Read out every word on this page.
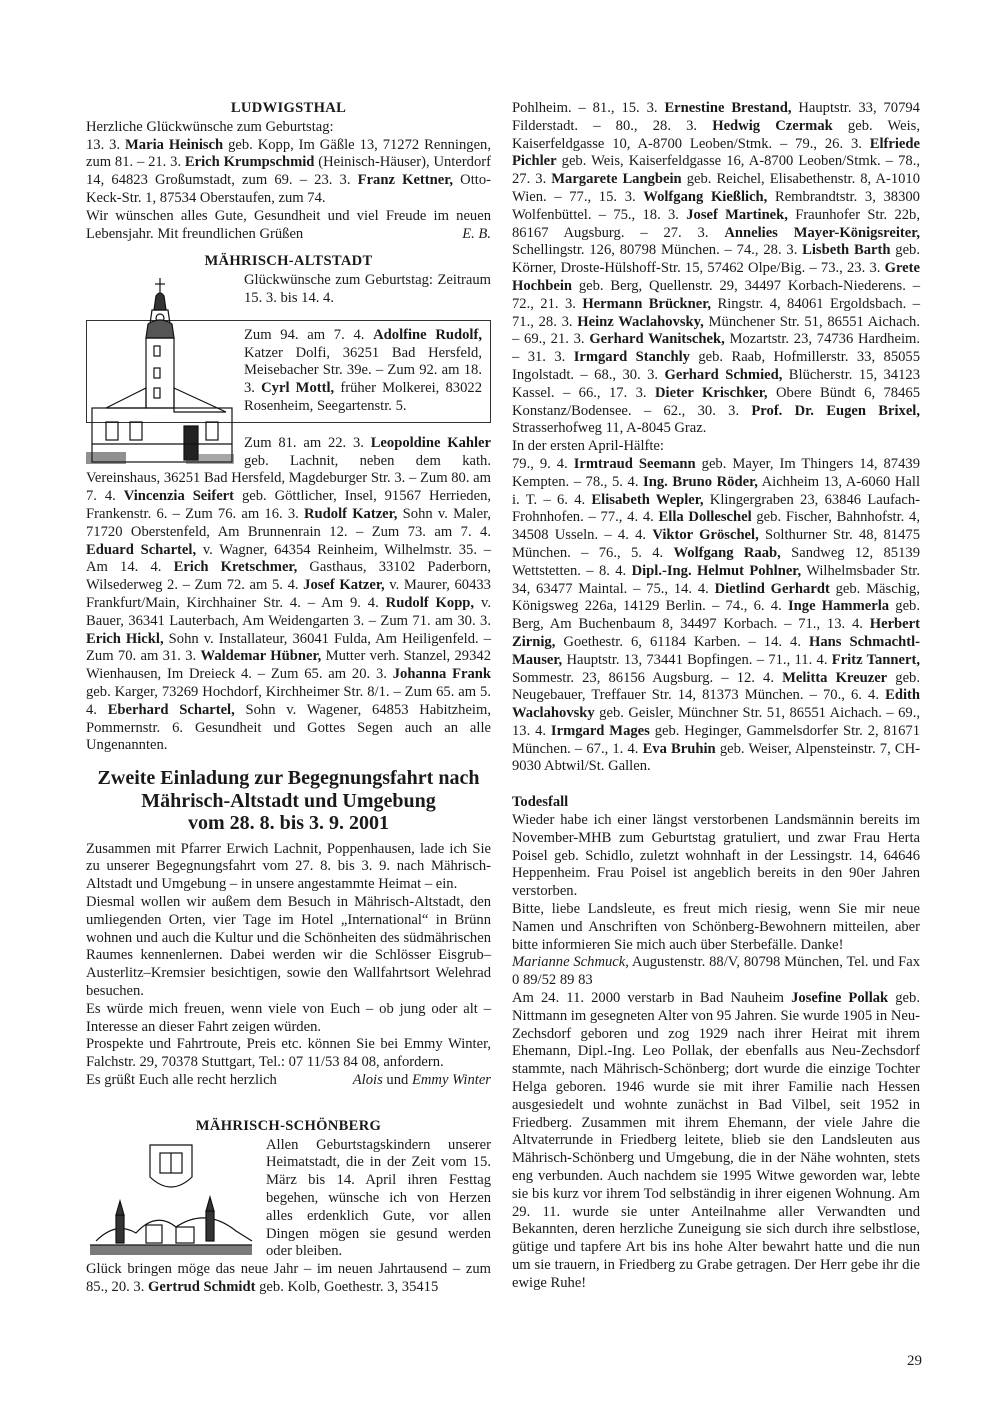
LUDWIGSTHAL

Herzliche Glückwünsche zum Geburtstag:

13. 3. Maria Heinisch geb. Kopp, Im Gäßle 13, 71272 Renningen, zum 81. – 21. 3. Erich Krumpschmid (Heinisch-Häuser), Unterdorf 14, 64823 Großumstadt, zum 69. – 23. 3. Franz Kettner, Otto-Keck-Str. 1, 87534 Oberstaufen, zum 74.

Wir wünschen alles Gute, Gesundheit und viel Freude im neuen Lebensjahr. Mit freundlichen Grüßen	E. B.

MÄHRISCH-ALTSTADT

Glückwünsche zum Geburtstag: Zeitraum 15. 3. bis 14. 4.

Zum 94. am 7. 4. Adolfine Rudolf, Katzer Dolfi, 36251 Bad Hersfeld, Meisebacher Str. 39e. – Zum 92. am 18. 3. Cyrl Mottl, früher Molkerei, 83022 Rosenheim, Seegartenstr. 5.

Zum 81. am 22. 3. Leopoldine Kahler geb. Lachnit, neben dem kath. Vereinshaus, 36251 Bad Hersfeld, Magdeburger Str. 3. – Zum 80. am 7. 4. Vincenzia Seifert geb. Göttlicher, Insel, 91567 Herrieden, Frankenstr. 6. – Zum 76. am 16. 3. Rudolf Katzer, Sohn v. Maler, 71720 Oberstenfeld, Am Brunnenrain 12. – Zum 73. am 7. 4. Eduard Schartel, v. Wagner, 64354 Reinheim, Wilhelmstr. 35. – Am 14. 4. Erich Kretschmer, Gasthaus, 33102 Paderborn, Wilsederweg 2. – Zum 72. am 5. 4. Josef Katzer, v. Maurer, 60433 Frankfurt/Main, Kirchhainer Str. 4. – Am 9. 4. Rudolf Kopp, v. Bauer, 36341 Lauterbach, Am Weidengarten 3. – Zum 71. am 30. 3. Erich Hickl, Sohn v. Installateur, 36041 Fulda, Am Heiligenfeld. – Zum 70. am 31. 3. Waldemar Hübner, Mutter verh. Stanzel, 29342 Wienhausen, Im Dreieck 4. – Zum 65. am 20. 3. Johanna Frank geb. Karger, 73269 Hochdorf, Kirchheimer Str. 8/1. – Zum 65. am 5. 4. Eberhard Schartel, Sohn v. Wagener, 64853 Habitzheim, Pommernstr. 6. Gesundheit und Gottes Segen auch an alle Ungenannten.

Zweite Einladung zur Begegnungsfahrt nach
Mährisch-Altstadt und Umgebung
vom 28. 8. bis 3. 9. 2001

Zusammen mit Pfarrer Erwich Lachnit, Poppenhausen, lade ich Sie zu unserer Begegnungsfahrt vom 27. 8. bis 3. 9. nach Mährisch-Altstadt und Umgebung – in unsere angestammte Heimat – ein.

Diesmal wollen wir außem dem Besuch in Mährisch-Altstadt, den umliegenden Orten, vier Tage im Hotel „International“ in Brünn wohnen und auch die Kultur und die Schönheiten des südmährischen Raumes kennenlernen. Dabei werden wir die Schlösser Eisgrub–Austerlitz–Kremsier besichtigen, sowie den Wallfahrtsort Welehrad besuchen.

Es würde mich freuen, wenn viele von Euch – ob jung oder alt – Interesse an dieser Fahrt zeigen würden.

Prospekte und Fahrtroute, Preis etc. können Sie bei Emmy Winter, Falchstr. 29, 70378 Stuttgart, Tel.: 07 11/53 84 08, anfordern.

Es grüßt Euch alle recht herzlich	Alois und Emmy Winter

MÄHRISCH-SCHÖNBERG

Allen Geburtstagskindern unserer Heimatstadt, die in der Zeit vom 15. März bis 14. April ihren Festtag begehen, wünsche ich von Herzen alles erdenklich Gute, vor allen Dingen mögen sie gesund werden oder bleiben.

Glück bringen möge das neue Jahr – im neuen Jahrtausend – zum 85., 20. 3. Gertrud Schmidt geb. Kolb, Goethestr. 3, 35415

Pohlheim. – 81., 15. 3. Ernestine Brestand, Hauptstr. 33, 70794 Filderstadt. – 80., 28. 3. Hedwig Czermak geb. Weis, Kaiserfeldgasse 10, A-8700 Leoben/Stmk. – 79., 26. 3. Elfriede Pichler geb. Weis, Kaiserfeldgasse 16, A-8700 Leoben/Stmk. – 78., 27. 3. Margarete Langbein geb. Reichel, Elisabethenstr. 8, A-1010 Wien. – 77., 15. 3. Wolfgang Kießlich, Rembrandtstr. 3, 38300 Wolfenbüttel. – 75., 18. 3. Josef Martinek, Fraunhofer Str. 22b, 86167 Augsburg. – 27. 3. Annelies Mayer-Königsreiter, Schellingstr. 126, 80798 München. – 74., 28. 3. Lisbeth Barth geb. Körner, Droste-Hülshoff-Str. 15, 57462 Olpe/Big. – 73., 23. 3. Grete Hochbein geb. Berg, Quellenstr. 29, 34497 Korbach-Niederens. – 72., 21. 3. Hermann Brückner, Ringstr. 4, 84061 Ergoldsbach. – 71., 28. 3. Heinz Waclahovsky, Münchener Str. 51, 86551 Aichach. – 69., 21. 3. Gerhard Wanitschek, Mozartstr. 23, 74736 Hardheim. – 31. 3. Irmgard Stanchly geb. Raab, Hofmillerstr. 33, 85055 Ingolstadt. – 68., 30. 3. Gerhard Schmied, Blücherstr. 15, 34123 Kassel. – 66., 17. 3. Dieter Krischker, Obere Bündt 6, 78465 Konstanz/Bodensee. – 62., 30. 3. Prof. Dr. Eugen Brixel, Strasserhofweg 11, A-8045 Graz.

In der ersten April-Hälfte:

79., 9. 4. Irmtraud Seemann geb. Mayer, Im Thingers 14, 87439 Kempten. – 78., 5. 4. Ing. Bruno Röder, Aichheim 13, A-6060 Hall i. T. – 6. 4. Elisabeth Wepler, Klingergraben 23, 63846 Laufach-Frohnhofen. – 77., 4. 4. Ella Dolleschel geb. Fischer, Bahnhofstr. 4, 34508 Usseln. – 4. 4. Viktor Gröschel, Solthurner Str. 48, 81475 München. – 76., 5. 4. Wolfgang Raab, Sandweg 12, 85139 Wettstetten. – 8. 4. Dipl.-Ing. Helmut Pohlner, Wilhelmsbader Str. 34, 63477 Maintal. – 75., 14. 4. Dietlind Gerhardt geb. Mäschig, Königsweg 226a, 14129 Berlin. – 74., 6. 4. Inge Hammerla geb. Berg, Am Buchenbaum 8, 34497 Korbach. – 71., 13. 4. Herbert Zirnig, Goethestr. 6, 61184 Karben. – 14. 4. Hans Schmachtl-Mauser, Hauptstr. 13, 73441 Bopfingen. – 71., 11. 4. Fritz Tannert, Sommestr. 23, 86156 Augsburg. – 12. 4. Melitta Kreuzer geb. Neugebauer, Treffauer Str. 14, 81373 München. – 70., 6. 4. Edith Waclahovsky geb. Geisler, Münchner Str. 51, 86551 Aichach. – 69., 13. 4. Irmgard Mages geb. Heginger, Gammelsdorfer Str. 2, 81671 München. – 67., 1. 4. Eva Bruhin geb. Weiser, Alpensteinstr. 7, CH-9030 Abtwil/St. Gallen.

Todesfall

Wieder habe ich einer längst verstorbenen Landsmännin bereits im November-MHB zum Geburtstag gratuliert, und zwar Frau Herta Poisel geb. Schidlo, zuletzt wohnhaft in der Lessingstr. 14, 64646 Heppenheim. Frau Poisel ist angeblich bereits in den 90er Jahren verstorben.

Bitte, liebe Landsleute, es freut mich riesig, wenn Sie mir neue Namen und Anschriften von Schönberg-Bewohnern mitteilen, aber bitte informieren Sie mich auch über Sterbefälle. Danke!

Marianne Schmuck, Augustenstr. 88/V, 80798 München, Tel. und Fax 0 89/52 89 83

Am 24. 11. 2000 verstarb in Bad Nauheim Josefine Pollak geb. Nittmann im gesegneten Alter von 95 Jahren. Sie wurde 1905 in Neu-Zechsdorf geboren und zog 1929 nach ihrer Heirat mit ihrem Ehemann, Dipl.-Ing. Leo Pollak, der ebenfalls aus Neu-Zechsdorf stammte, nach Mährisch-Schönberg; dort wurde die einzige Tochter Helga geboren. 1946 wurde sie mit ihrer Familie nach Hessen ausgesiedelt und wohnte zunächst in Bad Vilbel, seit 1952 in Friedberg. Zusammen mit ihrem Ehemann, der viele Jahre die Altvaterrunde in Friedberg leitete, blieb sie den Landsleuten aus Mährisch-Schönberg und Umgebung, die in der Nähe wohnten, stets eng verbunden. Auch nachdem sie 1995 Witwe geworden war, lebte sie bis kurz vor ihrem Tod selbständig in ihrer eigenen Wohnung. Am 29. 11. wurde sie unter Anteilnahme aller Verwandten und Bekannten, deren herzliche Zuneigung sie sich durch ihre selbstlose, gütige und tapfere Art bis ins hohe Alter bewahrt hatte und die nun um sie trauern, in Friedberg zu Grabe getragen. Der Herr gebe ihr die ewige Ruhe!

29
